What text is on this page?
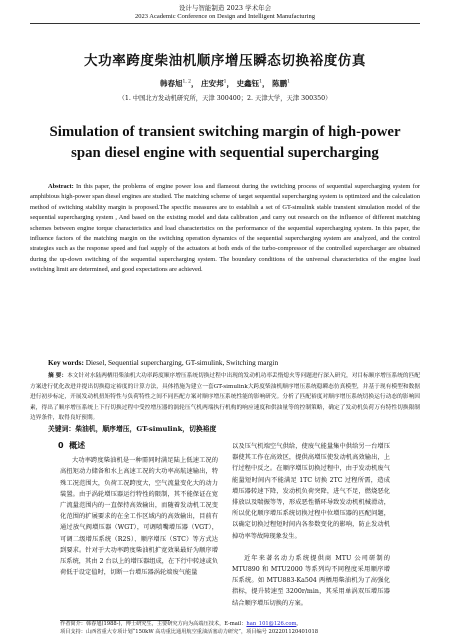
设计与智能制造 2023 学术年会
2023 Academic Conference on Design and Intelligent Manufacturing
大功率跨度柴油机顺序增压瞬态切换裕度仿真
韩春旭$^{1, 2}$， 庄安邦$^1$， 史鑫钰$^1$， 陈鹏$^1$
（1. 中国北方发动机研究所，天津 300400；2. 天津大学，天津 300350）
Simulation of transient switching margin of high-power span diesel engine with sequential supercharging
Abstract: In this paper, the problems of engine power loss and flameout during the switching process of sequential supercharging system for amphibious high-power span diesel engines are studied. The matching scheme of target sequential supercharging system is optimized and the calculation method of switching stability margin is proposed.The specific measures are to establish a set of GT-simulink stable transient simulation model of the sequential supercharging system , And based on the existing model and data calibration ,and carry out research on the influence of different matching schemes between engine torque characteristics and load characteristics on the performance of the sequential supercharging system. In this paper, the influence factors of the matching margin on the switching operation dynamics of the sequential supercharging system are analyzed, and the control strategies such as the response speed and fuel supply of the actuators at both ends of the turbo-compressor of the controlled supercharger are obtained during the up-down switching of the sequential supercharging system. The boundary conditions of the universal characteristics of the engine load switching limit are determined, and good expectations are achieved.
Key words: Diesel, Sequential supercharging, GT-simulink, Switching margin
摘 要：本文针对水陆两栖用柴油机大功率跨度顺序增压系统切换过程中出现的发动机功率丢惰熄火等问题进行深入研究，对目标顺序增压系统的匹配方案进行优化改进并提出切换稳定裕度的计算方法，具体措施为建立一套GT-simulink大跨度柴油机顺序增压系统稳瞬态仿真模型，并基于现有模型和数据进行初步标定，开展发动机扭矩特性与负荷特性之间不同匹配方案对顺序增压系统性能的影响研究。分析了匹配裕度对顺序增压系统切换运行动态的影响因素，得出了顺序增压系统上下行切换过程中受控增压器的涡轮压气机两端执行机构的响应速度和供油量等的控制策略，确定了发动机负荷万有特性切换限制边界条件，取得良好预期。
关键词：柴油机，顺序增压，GT-simulink，切换裕度
0 概述

大功率跨度柴油机是一种需同时满足陆上低速工况的高扭矩动力储备和水上高速工况的大功率高航速输出，特殊工况范围大，负荷工况跨度大，空气流量变化大的动力装置。由于涡轮增压器运行特性的限制，其不能保证在宽广流量范围内的一直保持高效输出，而随着发动机工况变化范围的扩展要求的在全工作区域内的高效输出，目前有通过放气阀增压器（WGT），可调喷嘴增压器（VGT），可调二级增压系统（R2S）、顺序增压（STC）等方式达到要求。针对于大功率跨度柴油机扩宽效果最好为顺序增压系统，其由 2 台以上的增压器组成，在下行中转速或负荷低于设定值时，切断一台增压器涡轮端废气能量

以及压气机端空气供给，使废气能量集中供给另一台增压器使其工作在高效区，提供高增压使发动机高效输出，上行过程中反之。在顺序增压切换过程中，由于发动机废气能量短时间内不能满足 1TC 切换 2TC 过程所需，造成增压器转速下降，发动机负荷突降，进气不足，燃烧恶化排放以及喘振等等，形成恶性循环导致发动机机械滑动，所以优化顺序增压系统切换过程中位增压器的匹配问题，以确定切换过程短时间内各参数变化的影响，防止发动机掉功率等故障现象发生。

近年来著名动力系统提供商 MTU 公司研制的 MTU890 和 MTU2000 等系列均不同程度采用顺序增压系统。如 MTU883-Ka504 两栖用柴油机为了高强化指标，提升转速至 3200r/min，其采用单涡双压增压器结合顺序增压切换的方案。

作者简介：韩春旭(1988-)，博士研究生，主要研究方向为高端压技术，E-mail：han_101@126.com。
项目支持：山西省重大专项计划“150kW 高功重比通用航空重油活塞动力研究”，项目编号 202201120401018
